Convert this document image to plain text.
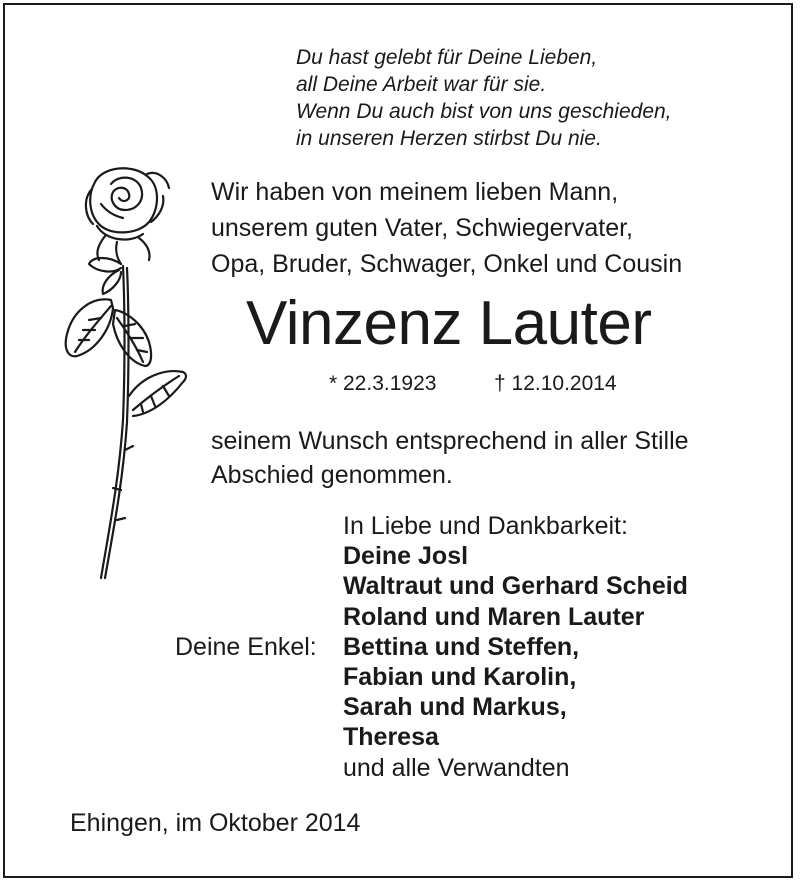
Du hast gelebt für Deine Lieben,
all Deine Arbeit war für sie.
Wenn Du auch bist von uns geschieden,
in unseren Herzen stirbst Du nie.
Wir haben von meinem lieben Mann,
unserem guten Vater, Schwiegervater,
Opa, Bruder, Schwager, Onkel und Cousin
Vinzenz Lauter
* 22.3.1923	† 12.10.2014
seinem Wunsch entsprechend in aller Stille
Abschied genommen.
In Liebe und Dankbarkeit:
Deine Josl
Waltraut und Gerhard Scheid
Roland und Maren Lauter
Bettina und Steffen,
Fabian und Karolin,
Sarah und Markus,
Theresa
und alle Verwandten
Deine Enkel:
Ehingen, im Oktober 2014
